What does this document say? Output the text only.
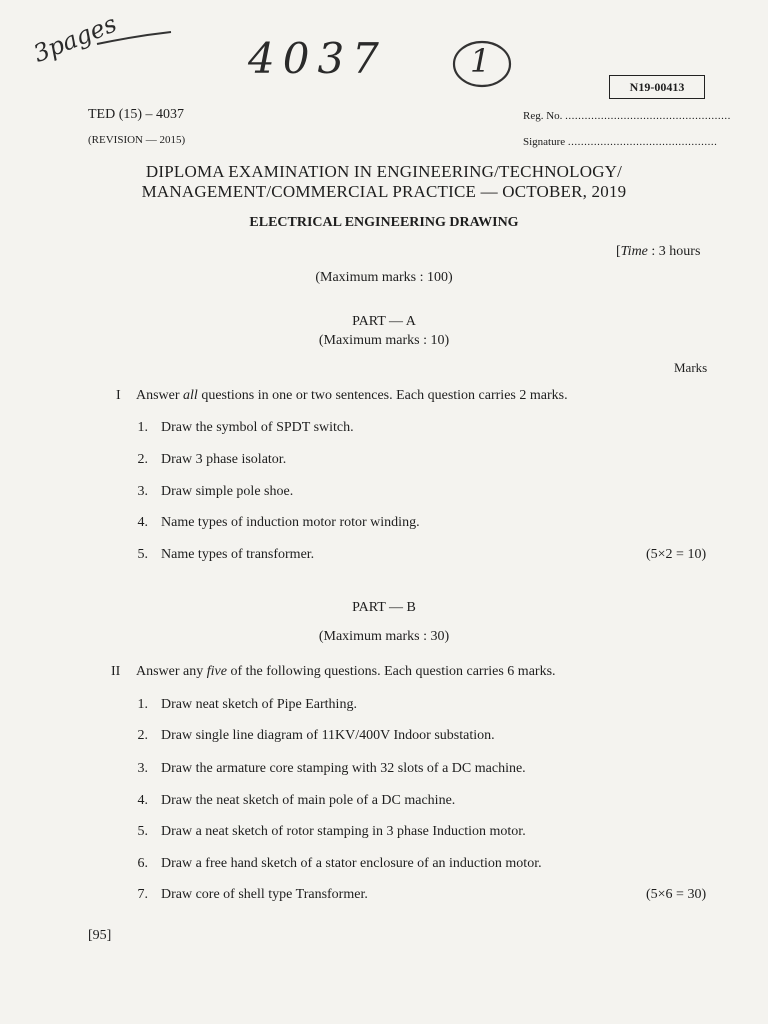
3pages	4037	1
N19-00413
TED (15) – 4037
(REVISION — 2015)
Reg. No. ...................................................
Signature ..............................................
DIPLOMA EXAMINATION IN ENGINEERING/TECHNOLOGY/
MANAGEMENT/COMMERCIAL PRACTICE — OCTOBER, 2019
ELECTRICAL ENGINEERING DRAWING
[Time : 3 hours
(Maximum marks : 100)
PART — A
(Maximum marks : 10)
Marks
I Answer all questions in one or two sentences. Each question carries 2 marks.
1. Draw the symbol of SPDT switch.
2. Draw 3 phase isolator.
3. Draw simple pole shoe.
4. Name types of induction motor rotor winding.
5. Name types of transformer.	(5×2 = 10)
PART — B
(Maximum marks : 30)
II Answer any five of the following questions. Each question carries 6 marks.
1. Draw neat sketch of Pipe Earthing.
2. Draw single line diagram of 11KV/400V Indoor substation.
3. Draw the armature core stamping with 32 slots of a DC machine.
4. Draw the neat sketch of main pole of a DC machine.
5. Draw a neat sketch of rotor stamping in 3 phase Induction motor.
6. Draw a free hand sketch of a stator enclosure of an induction motor.
7. Draw core of shell type Transformer.	(5×6 = 30)
[95]
